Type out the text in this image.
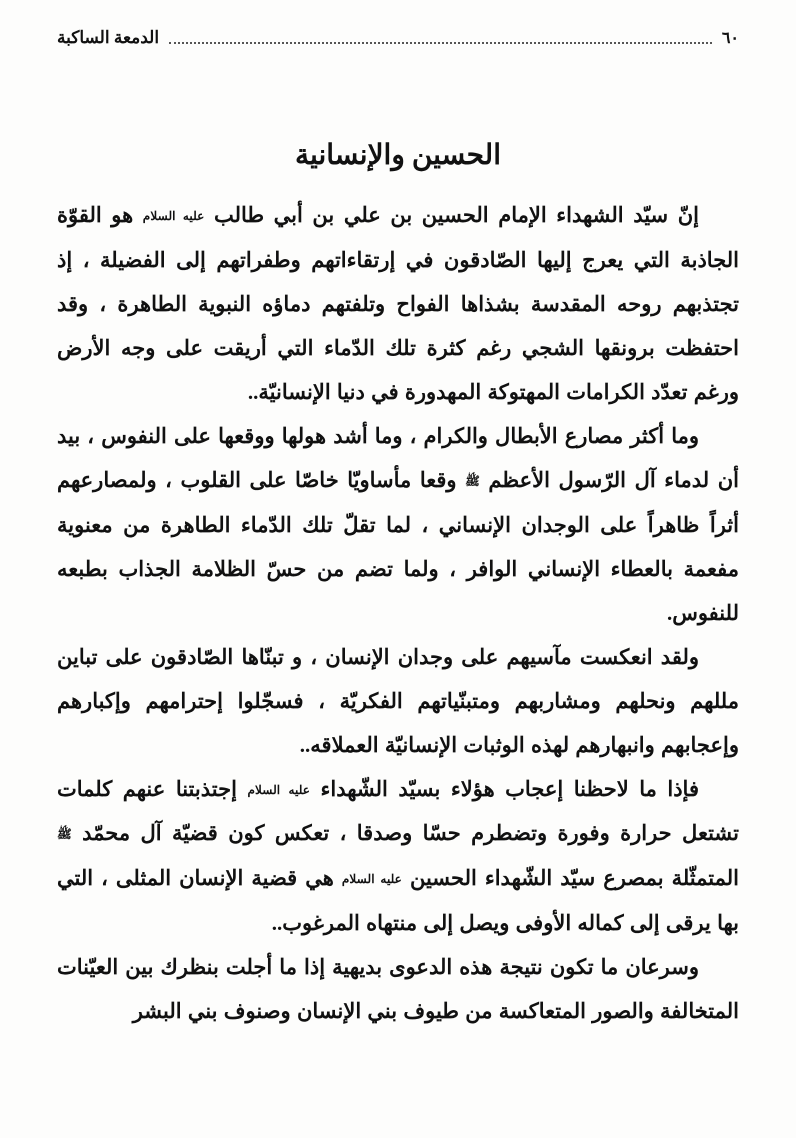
الدمعة الساكبة	٦٠
الحسين والإنسانية

إنّ سيّد الشهداء الإمام الحسين بن علي بن أبي طالب عليه السلام هو القوّة الجاذبة التي يعرج إليها الصّادقون في إرتقاءاتهم وطفراتهم إلى الفضيلة ، إذ تجتذبهم روحه المقدسة بشذاها الفواح وتلفتهم دماؤه النبوية الطاهرة ، وقد احتفظت برونقها الشجي رغم كثرة تلك الدّماء التي أريقت على وجه الأرض ورغم تعدّد الكرامات المهتوكة المهدورة في دنيا الإنسانيّة..

وما أكثر مصارع الأبطال والكرام ، وما أشد هولها ووقعها على النفوس ، بيد أن لدماء آل الرّسول الأعظم ﷺ وقعا مأساويّا خاصّا على القلوب ، ولمصارعهم أثراً ظاهراً على الوجدان الإنساني ، لما تقلّ تلك الدّماء الطاهرة من معنوية مفعمة بالعطاء الإنساني الوافر ، ولما تضم من حسّ الظلامة الجذاب بطبعه للنفوس.

ولقد انعكست مآسيهم على وجدان الإنسان ، و تبنّاها الصّادقون على تباين مللهم ونحلهم ومشاربهم ومتبنّياتهم الفكريّة ، فسجّلوا إحترامهم وإكبارهم وإعجابهم وانبهارهم لهذه الوثبات الإنسانيّة العملاقه..

فإذا ما لاحظنا إعجاب هؤلاء بسيّد الشّهداء عليه السلام إجتذبتنا عنهم كلمات تشتعل حرارة وفورة وتضطرم حسّا وصدقا ، تعكس كون قضيّة آل محمّد ﷺ المتمثّلة بمصرع سيّد الشّهداء الحسين عليه السلام هي قضية الإنسان المثلى ، التي بها يرقى إلى كماله الأوفى ويصل إلى منتهاه المرغوب..

وسرعان ما تكون نتيجة هذه الدعوى بديهية إذا ما أجلت بنظرك بين العيّنات المتخالفة والصور المتعاكسة من طيوف بني الإنسان وصنوف بني البشر
